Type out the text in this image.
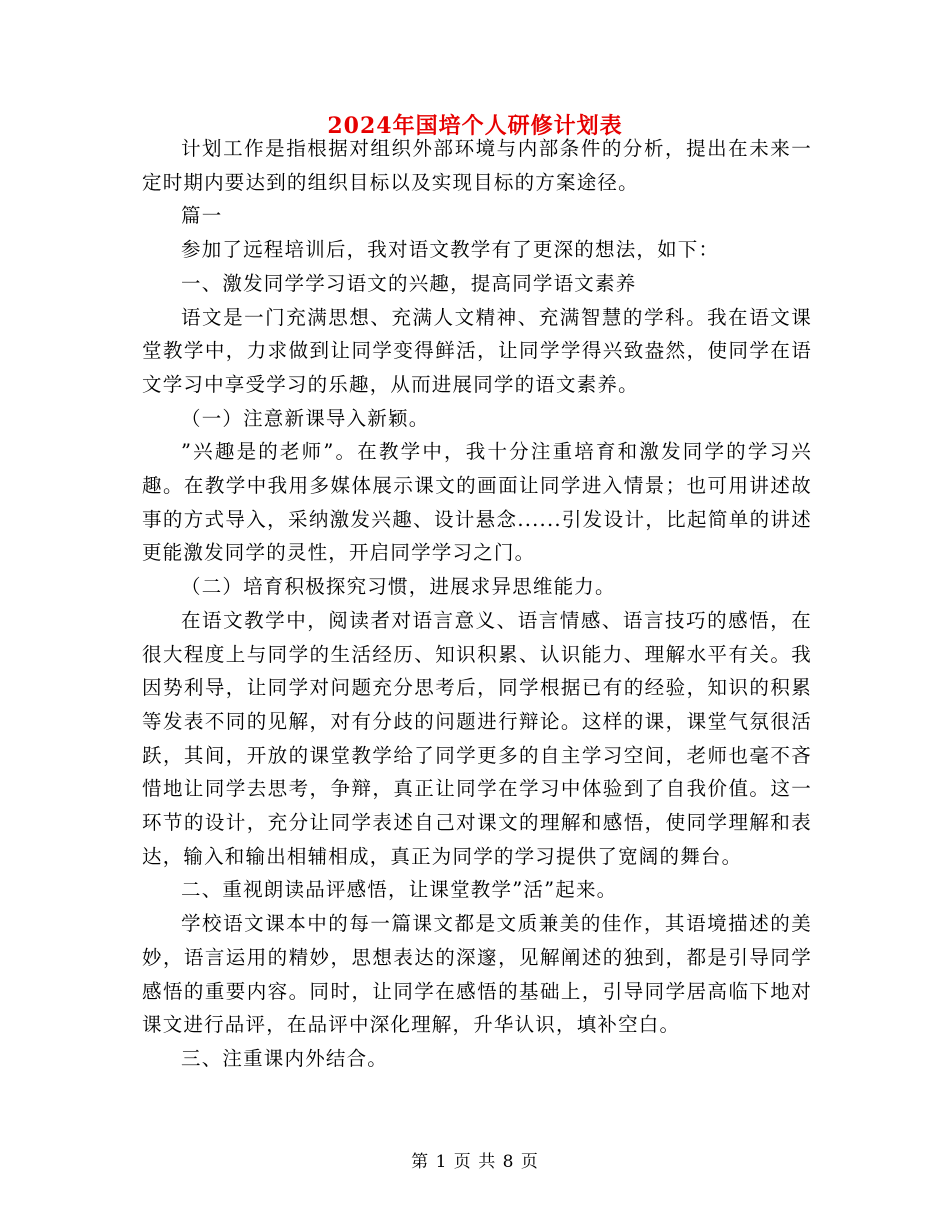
2024年国培个人研修计划表

计划工作是指根据对组织外部环境与内部条件的分析，提出在未来一定时期内要达到的组织目标以及实现目标的方案途径。

篇一

参加了远程培训后，我对语文教学有了更深的想法，如下：

一、激发同学学习语文的兴趣，提高同学语文素养

语文是一门充满思想、充满人文精神、充满智慧的学科。我在语文课堂教学中，力求做到让同学变得鲜活，让同学学得兴致盎然，使同学在语文学习中享受学习的乐趣，从而进展同学的语文素养。

（一）注意新课导入新颖。

”兴趣是的老师”。在教学中，我十分注重培育和激发同学的学习兴趣。在教学中我用多媒体展示课文的画面让同学进入情景；也可用讲述故事的方式导入，采纳激发兴趣、设计悬念......引发设计，比起简单的讲述更能激发同学的灵性，开启同学学习之门。

（二）培育积极探究习惯，进展求异思维能力。

在语文教学中，阅读者对语言意义、语言情感、语言技巧的感悟，在很大程度上与同学的生活经历、知识积累、认识能力、理解水平有关。我因势利导，让同学对问题充分思考后，同学根据已有的经验，知识的积累等发表不同的见解，对有分歧的问题进行辩论。这样的课，课堂气氛很活跃，其间，开放的课堂教学给了同学更多的自主学习空间，老师也毫不吝惜地让同学去思考，争辩，真正让同学在学习中体验到了自我价值。这一环节的设计，充分让同学表述自己对课文的理解和感悟，使同学理解和表达，输入和输出相辅相成，真正为同学的学习提供了宽阔的舞台。

二、重视朗读品评感悟，让课堂教学”活”起来。

学校语文课本中的每一篇课文都是文质兼美的佳作，其语境描述的美妙，语言运用的精妙，思想表达的深邃，见解阐述的独到，都是引导同学感悟的重要内容。同时，让同学在感悟的基础上，引导同学居高临下地对课文进行品评，在品评中深化理解，升华认识，填补空白。

三、注重课内外结合。

第 1 页 共 8 页
